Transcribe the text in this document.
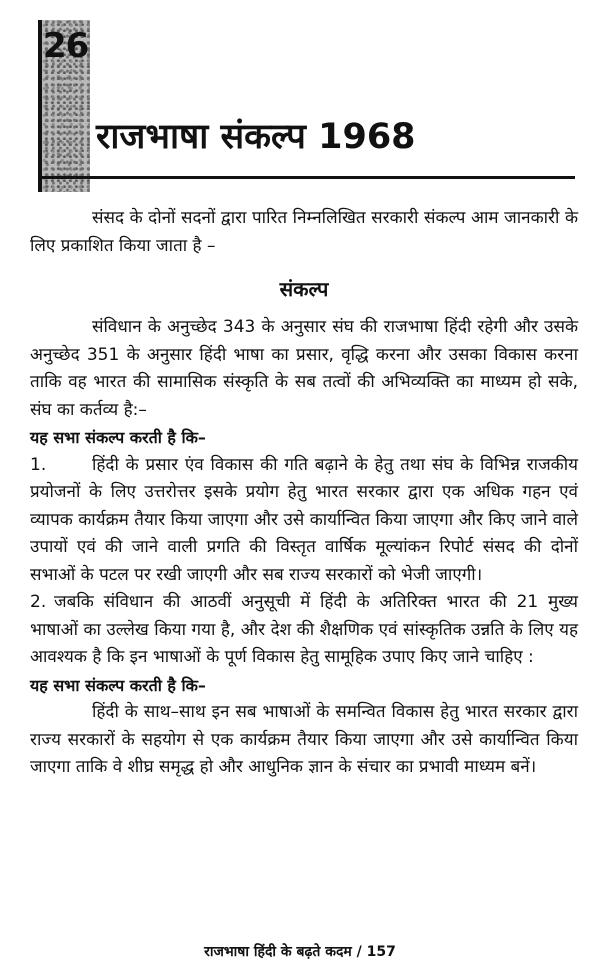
26
राजभाषा संकल्प 1968

संसद के दोनों सदनों द्वारा पारित निम्नलिखित सरकारी संकल्प आम जानकारी के लिए प्रकाशित किया जाता है –

संकल्प

संविधान के अनुच्छेद 343 के अनुसार संघ की राजभाषा हिंदी रहेगी और उसके अनुच्छेद 351 के अनुसार हिंदी भाषा का प्रसार, वृद्धि करना और उसका विकास करना ताकि वह भारत की सामासिक संस्कृति के सब तत्वों की अभिव्यक्ति का माध्यम हो सके, संघ का कर्तव्य है:–

यह सभा संकल्प करती है कि–

1.	हिंदी के प्रसार एंव विकास की गति बढ़ाने के हेतु तथा संघ के विभिन्न राजकीय प्रयोजनों के लिए उत्तरोत्तर इसके प्रयोग हेतु भारत सरकार द्वारा एक अधिक गहन एवं व्यापक कार्यक्रम तैयार किया जाएगा और उसे कार्यान्वित किया जाएगा और किए जाने वाले उपायों एवं की जाने वाली प्रगति की विस्तृत वार्षिक मूल्यांकन रिपोर्ट संसद की दोनों सभाओं के पटल पर रखी जाएगी और सब राज्य सरकारों को भेजी जाएगी।

2. जबकि संविधान की आठवीं अनुसूची में हिंदी के अतिरिक्त भारत की 21 मुख्य भाषाओं का उल्लेख किया गया है, और देश की शैक्षणिक एवं सांस्कृतिक उन्नति के लिए यह आवश्यक है कि इन भाषाओं के पूर्ण विकास हेतु सामूहिक उपाए किए जाने चाहिए :

यह सभा संकल्प करती है कि–

हिंदी के साथ–साथ इन सब भाषाओं के समन्वित विकास हेतु भारत सरकार द्वारा राज्य सरकारों के सहयोग से एक कार्यक्रम तैयार किया जाएगा और उसे कार्यान्वित किया जाएगा ताकि वे शीघ्र समृद्ध हो और आधुनिक ज्ञान के संचार का प्रभावी माध्यम बनें।

राजभाषा हिंदी के बढ़ते कदम / 157
